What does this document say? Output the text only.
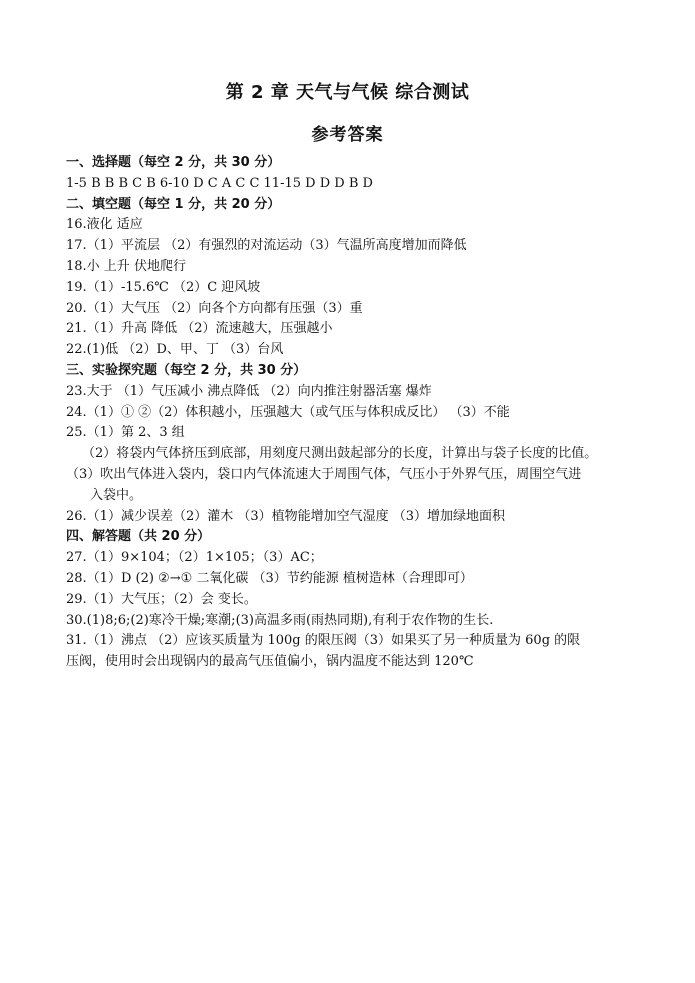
第 2 章 天气与气候 综合测试
参考答案
一、选择题（每空 2 分，共 30 分）
1-5 B B B C B 6-10 D C A C C 11-15 D D D B D
二、填空题（每空 1 分，共 20 分）
16.液化 适应
17.（1）平流层 （2）有强烈的对流运动（3）气温所高度增加而降低
18.小 上升 伏地爬行
19.（1）-15.6℃ （2）C 迎风坡
20.（1）大气压 （2）向各个方向都有压强（3）重
21.（1）升高 降低 （2）流速越大，压强越小
22.(1)低 （2）D、甲、丁 （3）台风
三、实验探究题（每空 2 分，共 30 分）
23.大于 （1）气压减小 沸点降低 （2）向内推注射器活塞 爆炸
24.（1）① ②（2）体积越小，压强越大（或气压与体积成反比） （3）不能
25.（1）第 2、3 组
（2）将袋内气体挤压到底部，用刻度尺测出鼓起部分的长度，计算出与袋子长度的比值。
（3）吹出气体进入袋内，袋口内气体流速大于周围气体，气压小于外界气压，周围空气进
入袋中。
26.（1）减少误差（2）灌木 （3）植物能增加空气湿度 （3）增加绿地面积
四、解答题（共 20 分）
27.（1）9×104；（2）1×105；（3）AC；
28.（1）D (2) ②→① 二氧化碳 （3）节约能源 植树造林（合理即可）
29.（1）大气压；（2）会 变长。
30.(1)8;6;(2)寒冷干燥;寒潮;(3)高温多雨(雨热同期),有利于农作物的生长.
31.（1）沸点 （2）应该买质量为 100g 的限压阀（3）如果买了另一种质量为 60g 的限
压阀，使用时会出现锅内的最高气压值偏小，锅内温度不能达到 120℃
